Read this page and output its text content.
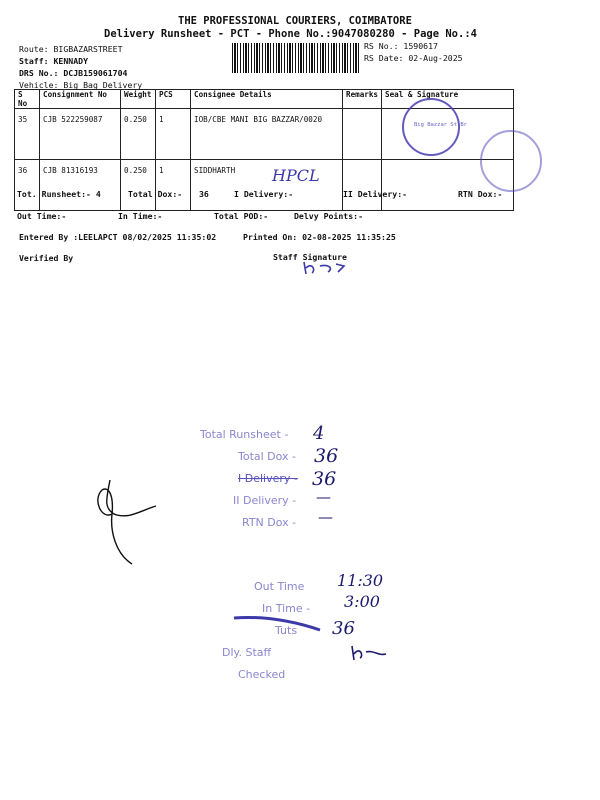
THE PROFESSIONAL COURIERS, COIMBATORE
Delivery Runsheet - PCT - Phone No.:9047080280 - Page No.:4
Route: BIGBAZARSTREET
Staff: KENNADY
DRS No.: DCJB159061704
Vehicle: Big Bag Delivery
RS No.: 1590617
RS Date: 02-Aug-2025
S No	Consignment No	Weight	PCS	Consignee Details	Remarks	Seal & Signature
35	CJB 522259087	0.250	1	IOB/CBE MANI BIG BAZZAR/0020		
36	CJB 81316193	0.250	1	SIDDHARTH		
Big Bazzar St.Br
HPCL
Tot. Runsheet:- 4	Total Dox:- 36	I Delivery:-	II Delivery:-	RTN Dox:-
Out Time:-	In Time:-	Total POD:-	Delvy Points:-
Entered By :LEELAPCT 08/02/2025 11:35:02	Printed On: 02-08-2025 11:35:25
Verified By	Staff Signature
Total Runsheet - 4
Total Dox - 36
I Delivery - 36
II Delivery - —
RTN Dox - —
Out Time 11:30
In Time - 3:00
Tuts 36
Dly. Staff
Checked
